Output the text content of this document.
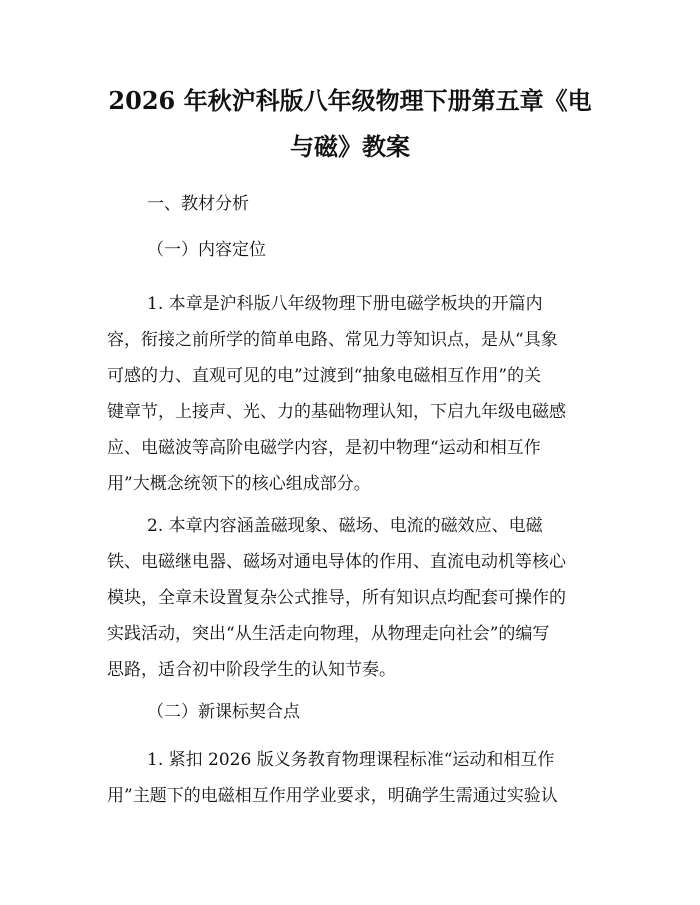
2026 年秋沪科版八年级物理下册第五章《电
与磁》教案
一、教材分析
（一）内容定位
1. 本章是沪科版八年级物理下册电磁学板块的开篇内
容，衔接之前所学的简单电路、常见力等知识点，是从“具象
可感的力、直观可见的电”过渡到“抽象电磁相互作用”的关
键章节，上接声、光、力的基础物理认知，下启九年级电磁感
应、电磁波等高阶电磁学内容，是初中物理“运动和相互作
用”大概念统领下的核心组成部分。
2. 本章内容涵盖磁现象、磁场、电流的磁效应、电磁
铁、电磁继电器、磁场对通电导体的作用、直流电动机等核心
模块，全章未设置复杂公式推导，所有知识点均配套可操作的
实践活动，突出“从生活走向物理，从物理走向社会”的编写
思路，适合初中阶段学生的认知节奏。
（二）新课标契合点
1. 紧扣 2026 版义务教育物理课程标准“运动和相互作
用”主题下的电磁相互作用学业要求，明确学生需通过实验认
